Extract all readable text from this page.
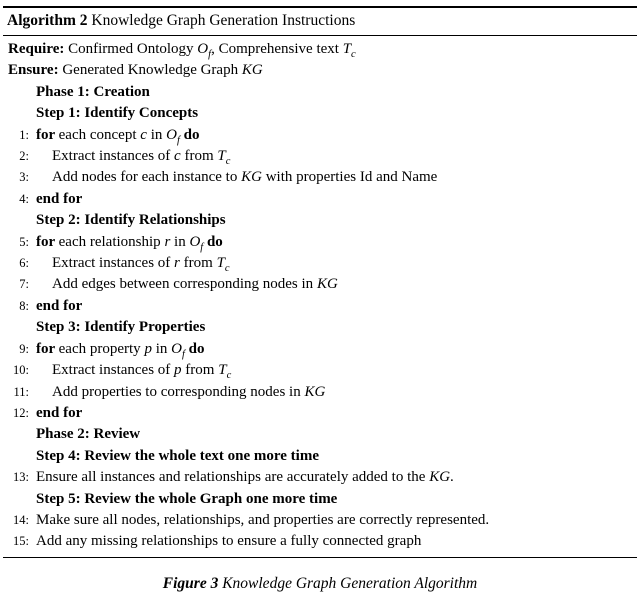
Algorithm 2 Knowledge Graph Generation Instructions
Require: Confirmed Ontology $O_f$, Comprehensive text $T_c$
Ensure: Generated Knowledge Graph KG
Phase 1: Creation
Step 1: Identify Concepts
1: for each concept c in $O_f$ do
2:	Extract instances of c from $T_c$
3:	Add nodes for each instance to KG with properties Id and Name
4: end for
Step 2: Identify Relationships
5: for each relationship r in $O_f$ do
6:	Extract instances of r from $T_c$
7:	Add edges between corresponding nodes in KG
8: end for
Step 3: Identify Properties
9: for each property p in $O_f$ do
10:	Extract instances of p from $T_c$
11:	Add properties to corresponding nodes in KG
12: end for
Phase 2: Review
Step 4: Review the whole text one more time
13: Ensure all instances and relationships are accurately added to the KG.
Step 5: Review the whole Graph one more time
14: Make sure all nodes, relationships, and properties are correctly represented.
15: Add any missing relationships to ensure a fully connected graph
Figure 3 Knowledge Graph Generation Algorithm
